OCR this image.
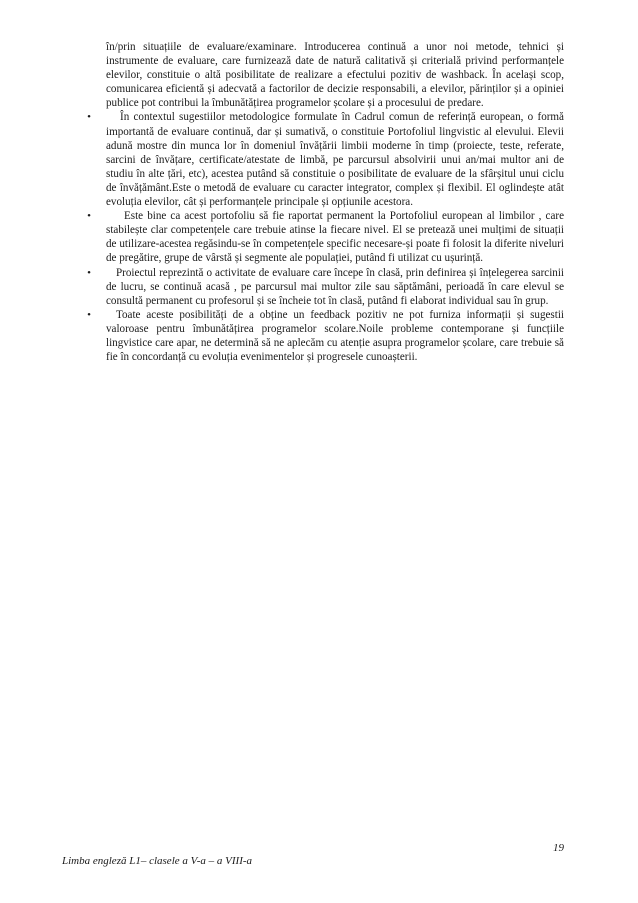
în/prin situațiile de evaluare/examinare. Introducerea continuă a unor noi metode, tehnici și instrumente de evaluare, care furnizează date de natură calitativă și criterială privind performanțele elevilor, constituie o altă posibilitate de realizare a efectului pozitiv de washback. În același scop, comunicarea eficientă și adecvată a factorilor de decizie responsabili, a elevilor, părinților și a opiniei publice pot contribui la îmbunătățirea programelor școlare și a procesului de predare.

•	În contextul sugestiilor metodologice formulate în Cadrul comun de referință european, o formă importantă de evaluare continuă, dar și sumativă, o constituie Portofoliul lingvistic al elevului. Elevii adună mostre din munca lor în domeniul învățării limbii moderne în timp (proiecte, teste, referate, sarcini de învățare, certificate/atestate de limbă, pe parcursul absolvirii unui an/mai multor ani de studiu în alte țări, etc), acestea putând să constituie o posibilitate de evaluare de la sfârșitul unui ciclu de învățământ.Este o metodă de evaluare cu caracter integrator, complex și flexibil. El oglindește atât evoluția elevilor, cât și performanțele principale și opțiunile acestora.
•	Este bine ca acest portofoliu să fie raportat permanent la Portofoliul european al limbilor , care stabilește clar competențele care trebuie atinse la fiecare nivel. El se pretează unei mulțimi de situații de utilizare-acestea regăsindu-se în competențele specific necesare-și poate fi folosit la diferite niveluri de pregătire, grupe de vârstă și segmente ale populației, putând fi utilizat cu ușurință.
•	Proiectul reprezintă o activitate de evaluare care începe în clasă, prin definirea și înțelegerea sarcinii de lucru, se continuă acasă , pe parcursul mai multor zile sau săptămâni, perioadă în care elevul se consultă permanent cu profesorul și se încheie tot în clasă, putând fi elaborat individual sau în grup.
•	Toate aceste posibilități de a obține un feedback pozitiv ne pot furniza informații și sugestii valoroase pentru îmbunătățirea programelor scolare.Noile probleme contemporane și funcțiile lingvistice care apar, ne determină să ne aplecăm cu atenție asupra programelor școlare, care trebuie să fie în concordanță cu evoluția evenimentelor și progresele cunoașterii.
19
Limba engleză L1– clasele a V-a – a VIII-a
